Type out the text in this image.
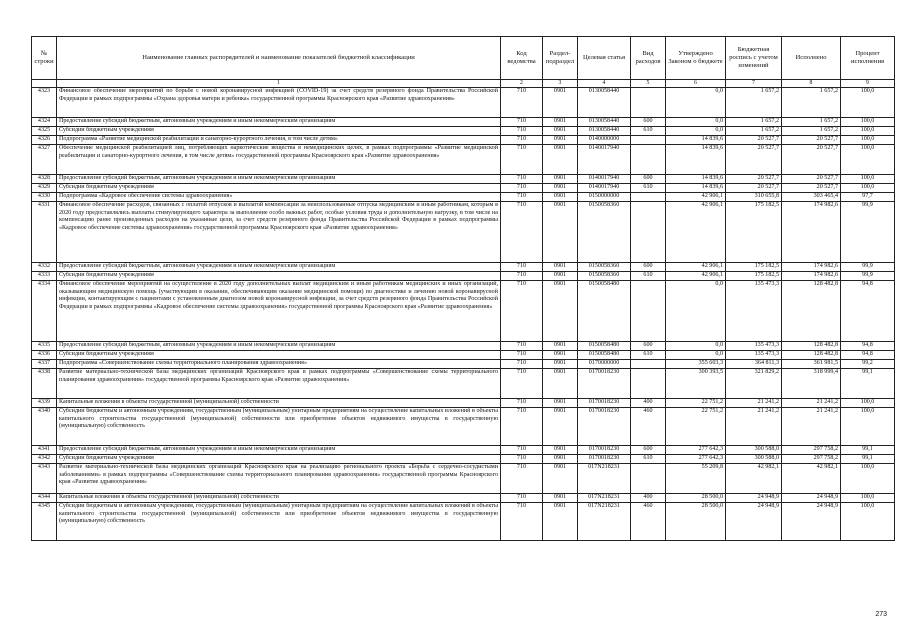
№ строки	Наименование главных распорядителей и наименование показателей бюджетной классификации	Код ведомства	Раздел-подраздел	Целевая статья	Вид расходов	Утверждено Законом о бюджете	Бюджетная роспись с учетом изменений	Исполнено	Процент исполнения
	1	2	3	4	5	6	7	8	9
4323	Финансовое обеспечение мероприятий по борьбе с новой коронавирусной инфекцией (COVID-19) за счет средств резервного фонда Правительства Российской Федерации в рамках подпрограммы «Охрана здоровья матери и ребенка» государственной программы Красноярского края «Развитие здравоохранения»	710	0901	0130058440		0,0	1 657,2	1 657,2	100,0
4324	Предоставление субсидий бюджетным, автономным учреждениям и иным некоммерческим организациям	710	0901	0130058440	600	0,0	1 657,2	1 657,2	100,0
4325	Субсидии бюджетным учреждениям	710	0901	0130058440	610	0,0	1 657,2	1 657,2	100,0
4326	Подпрограмма «Развитие медицинской реабилитации и санаторно-курортного лечения, в том числе детям»	710	0901	0140000000		14 839,6	20 527,7	20 527,7	100,0
4327	Обеспечение медицинской реабилитацией лиц, потребляющих наркотические вещества в немедицинских целях, в рамках подпрограммы «Развитие медицинской реабилитации и санаторно-курортного лечения, в том числе детям» государственной программы Красноярского края «Развитие здравоохранения»	710	0901	0140017940		14 839,6	20 527,7	20 527,7	100,0
4328	Предоставление субсидий бюджетным, автономным учреждениям и иным некоммерческим организациям	710	0901	0140017940	600	14 839,6	20 527,7	20 527,7	100,0
4329	Субсидии бюджетным учреждениям	710	0901	0140017940	610	14 839,6	20 527,7	20 527,7	100,0
4330	Подпрограмма «Кадровое обеспечение системы здравоохранения»	710	0901	0150000000		42 906,1	310 655,8	303 465,4	97,7
4331	Финансовое обеспечение расходов, связанных с оплатой отпусков и выплатой компенсации за неиспользованные отпуска медицинским и иным работникам, которым в 2020 году предоставлялись выплаты стимулирующего характера за выполнение особо важных работ, особые условия труда и дополнительную нагрузку, в том числе на компенсацию ранее произведенных расходов на указанные цели, за счет средств резервного фонда Правительства Российской Федерации в рамках подпрограммы «Кадровое обеспечение системы здравоохранения» государственной программы Красноярского края «Развитие здравоохранения»	710	0901	0150058360		42 906,1	175 182,5	174 982,6	99,9
4332	Предоставление субсидий бюджетным, автономным учреждениям и иным некоммерческим организациям	710	0901	0150058360	600	42 906,1	175 182,5	174 982,6	99,9
4333	Субсидии бюджетным учреждениям	710	0901	0150058360	610	42 906,1	175 182,5	174 982,6	99,9
4334	Финансовое обеспечение мероприятий на осуществление в 2020 году дополнительных выплат медицинским и иным работникам медицинских и иных организаций, оказывающим медицинскую помощь (участвующим в оказании, обеспечивающим оказание медицинской помощи) по диагностике и лечению новой коронавирусной инфекции, контактирующим с пациентами с установленным диагнозом новой коронавирусной инфекции, за счет средств резервного фонда Правительства Российской Федерации в рамках подпрограммы «Кадровое обеспечение системы здравоохранения» государственной программы Красноярского края «Развитие здравоохранения»	710	0901	0150058480		0,0	135 473,3	128 482,8	94,8
4335	Предоставление субсидий бюджетным, автономным учреждениям и иным некоммерческим организациям	710	0901	0150058480	600	0,0	135 473,3	128 482,8	94,8
4336	Субсидии бюджетным учреждениям	710	0901	0150058480	610	0,0	135 473,3	128 482,8	94,8
4337	Подпрограмма «Совершенствование схемы территориального планирования здравоохранения»	710	0901	0170000000		355 603,3	364 811,3	361 981,5	99,2
4338	Развитие материально-технической базы медицинских организаций Красноярского края в рамках подпрограммы «Совершенствование схемы территориального планирования здравоохранения» государственной программы Красноярского края «Развитие здравоохранения»	710	0901	0170018230		300 393,5	321 829,2	318 999,4	99,1
4339	Капитальные вложения в объекты государственной (муниципальной) собственности	710	0901	0170018230	400	22 751,2	21 241,2	21 241,2	100,0
4340	Субсидии бюджетным и автономным учреждениям, государственным (муниципальным) унитарным предприятиям на осуществление капитальных вложений в объекты капитального строительства государственной (муниципальной) собственности или приобретение объектов недвижимого имущества в государственную (муниципальную) собственность	710	0901	0170018230	460	22 751,2	21 241,2	21 241,2	100,0
4341	Предоставление субсидий бюджетным, автономным учреждениям и иным некоммерческим организациям	710	0901	0170018230	600	277 642,3	300 588,0	297 758,2	99,1
4342	Субсидии бюджетным учреждениям	710	0901	0170018230	610	277 642,3	300 588,0	297 758,2	99,1
4343	Развитие материально-технической базы медицинских организаций Красноярского края на реализацию регионального проекта «Борьба с сердечно-сосудистыми заболеваниями» в рамках подпрограммы «Совершенствование схемы территориального планирования здравоохранения» государственной программы Красноярского края «Развитие здравоохранения»	710	0901	017N218231		55 209,8	42 982,1	42 982,1	100,0
4344	Капитальные вложения в объекты государственной (муниципальной) собственности	710	0901	017N218231	400	28 500,0	24 948,9	24 948,9	100,0
4345	Субсидии бюджетным и автономным учреждениям, государственным (муниципальным) унитарным предприятиям на осуществление капитальных вложений в объекты капитального строительства государственной (муниципальной) собственности или приобретение объектов недвижимого имущества в государственную (муниципальную) собственность	710	0901	017N218231	460	28 500,0	24 948,9	24 948,9	100,0
273
